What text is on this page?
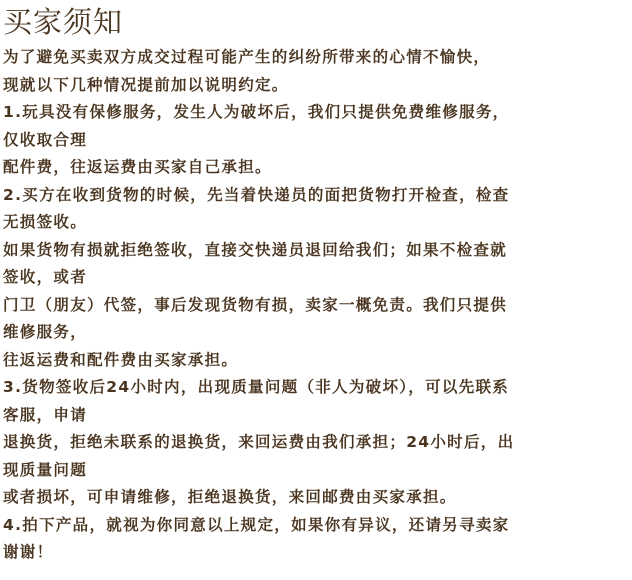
买家须知
为了避免买卖双方成交过程可能产生的纠纷所带来的心情不愉快，
现就以下几种情况提前加以说明约定。
1.玩具没有保修服务，发生人为破坏后，我们只提供免费维修服务，
仅收取合理
配件费，往返运费由买家自己承担。
2.买方在收到货物的时候，先当着快递员的面把货物打开检查，检查
无损签收。
如果货物有损就拒绝签收，直接交快递员退回给我们；如果不检查就
签收，或者
门卫（朋友）代签，事后发现货物有损，卖家一概免责。我们只提供
维修服务，
往返运费和配件费由买家承担。
3.货物签收后24小时内，出现质量问题（非人为破坏），可以先联系
客服，申请
退换货，拒绝未联系的退换货，来回运费由我们承担；24小时后，出
现质量问题
或者损坏，可申请维修，拒绝退换货，来回邮费由买家承担。
4.拍下产品，就视为你同意以上规定，如果你有异议，还请另寻卖家
谢谢！
